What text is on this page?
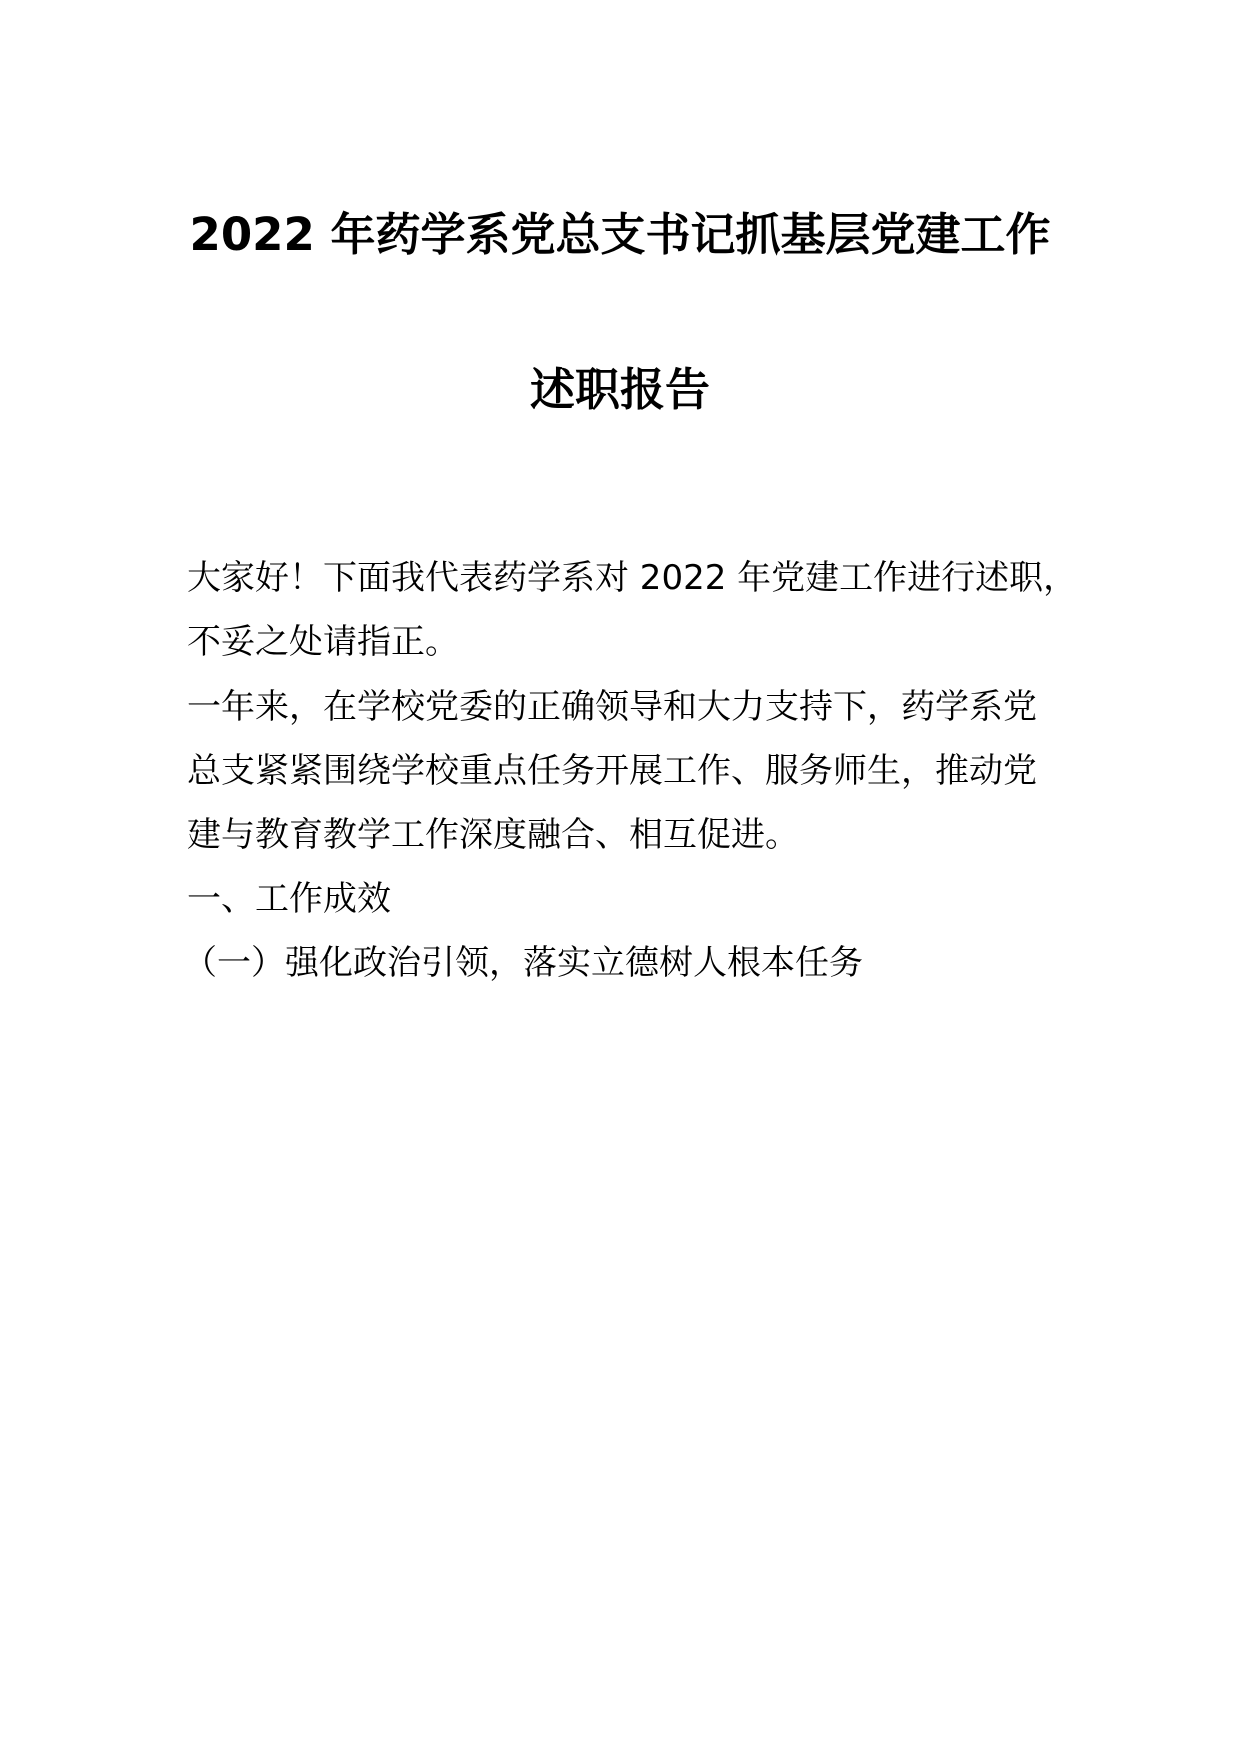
2022 年药学系党总支书记抓基层党建工作
述职报告
大家好！下面我代表药学系对 2022 年党建工作进行述职，
不妥之处请指正。
一年来，在学校党委的正确领导和大力支持下，药学系党
总支紧紧围绕学校重点任务开展工作、服务师生，推动党
建与教育教学工作深度融合、相互促进。
一、工作成效
（一）强化政治引领，落实立德树人根本任务
